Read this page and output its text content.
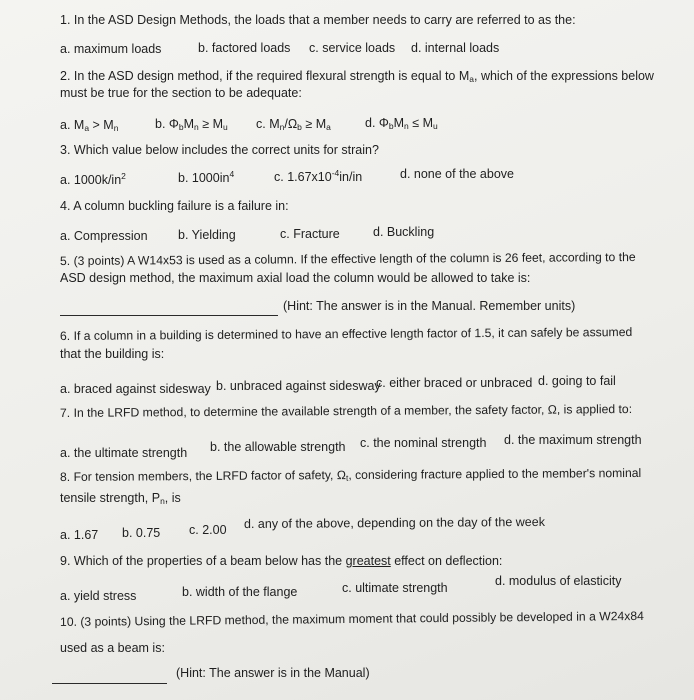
1. In the ASD Design Methods, the loads that a member needs to carry are referred to as the:
a. maximum loads	b. factored loads c. service loads d. internal loads
2. In the ASD design method, if the required flexural strength is equal to $M_a$, which of the expressions below
must be true for the section to be adequate:
a. $M_a > M_n$	b. $\Phi_bM_n \ge M_u$ c. $M_n/\Omega_b \ge M_a$	d. $\Phi_bM_n \le M_u$
3. Which value below includes the correct units for strain?
a. $1000k/in^2$	b. $1000in^4$	c. $1.67x10^{-4}in/in$	d. none of the above
4. A column buckling failure is a failure in:
a. Compression b. Yielding	c. Fracture	d. Buckling
5. (3 points) A W14x53 is used as a column. If the effective length of the column is 26 feet, according to the
ASD design method, the maximum axial load the column would be allowed to take is:
(Hint: The answer is in the Manual. Remember units)
6. If a column in a building is determined to have an effective length factor of 1.5, it can safely be assumed
that the building is:
a. braced against sidesway b. unbraced against sidesway
c. either braced or unbraced d. going to fail
7. In the LRFD method, to determine the available strength of a member, the safety factor, Ω, is applied to:
a. the ultimate strength b. the allowable strength c. the nominal strength d. the maximum strength
8. For tension members, the LRFD factor of safety, $\Omega_t$, considering fracture applied to the member's nominal
tensile strength, $P_n$, is
a. 1.67 b. 0.75 c. 2.00 d. any of the above, depending on the day of the week
9. Which of the properties of a beam below has the greatest effect on deflection:
a. yield stress	b. width of the flange	c. ultimate strength	d. modulus of elasticity
10. (3 points) Using the LRFD method, the maximum moment that could possibly be developed in a W24x84
used as a beam is:
(Hint: The answer is in the Manual)
